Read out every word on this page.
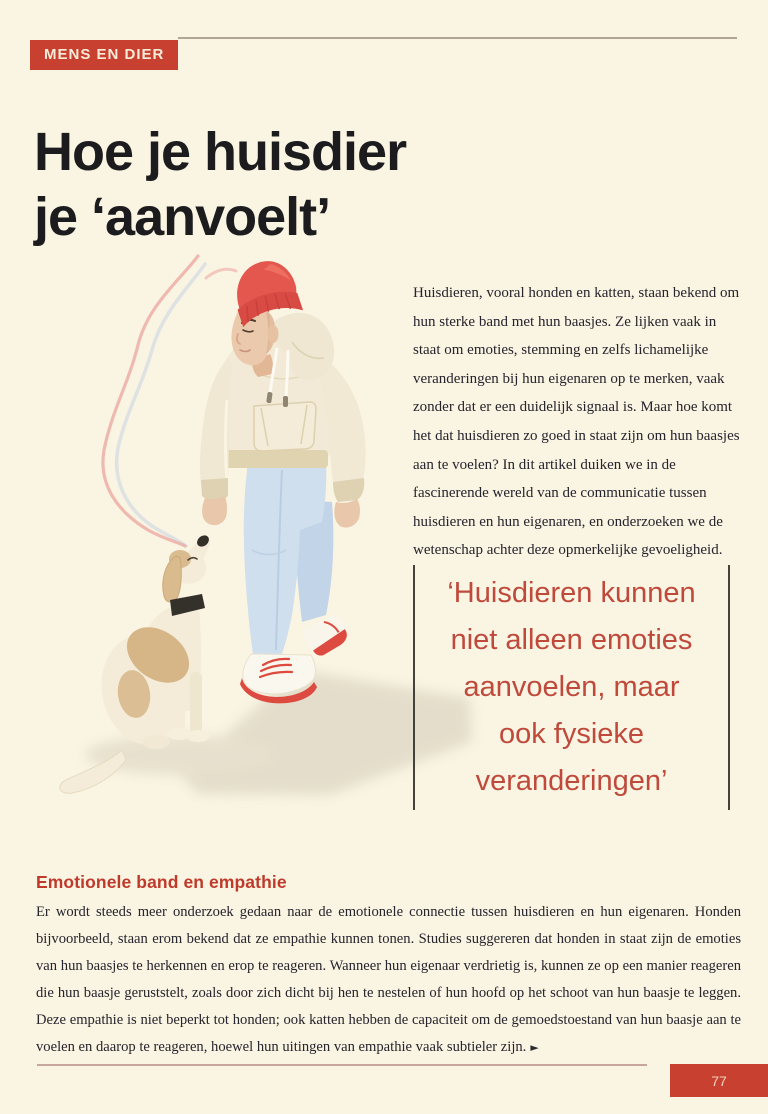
MENS EN DIER
Hoe je huisdier
je ‘aanvoelt’

Huisdieren, vooral honden en katten, staan bekend om hun sterke band met hun baasjes. Ze lijken vaak in staat om emoties, stemming en zelfs lichamelijke veranderingen bij hun eigenaren op te merken, vaak zonder dat er een duidelijk signaal is. Maar hoe komt het dat huisdieren zo goed in staat zijn om hun baasjes aan te voelen? In dit artikel duiken we in de fascinerende wereld van de communicatie tussen huisdieren en hun eigenaren, en onderzoeken we de wetenschap achter deze opmerkelijke gevoeligheid.

‘Huisdieren kunnen
niet alleen emoties
aanvoelen, maar
ook fysieke
veranderingen’
Emotionele band en empathie

Er wordt steeds meer onderzoek gedaan naar de emotionele connectie tussen huisdieren en hun eigenaren. Honden bijvoorbeeld, staan erom bekend dat ze empathie kunnen tonen. Studies suggereren dat honden in staat zijn de emoties van hun baasjes te herkennen en erop te reageren. Wanneer hun eigenaar verdrietig is, kunnen ze op een manier reageren die hun baasje geruststelt, zoals door zich dicht bij hen te nestelen of hun hoofd op het schoot van hun baasje te leggen. Deze empathie is niet beperkt tot honden; ook katten hebben de capaciteit om de gemoedstoestand van hun baasje aan te voelen en daarop te reageren, hoewel hun uitingen van empathie vaak subtieler zijn. ►

77
